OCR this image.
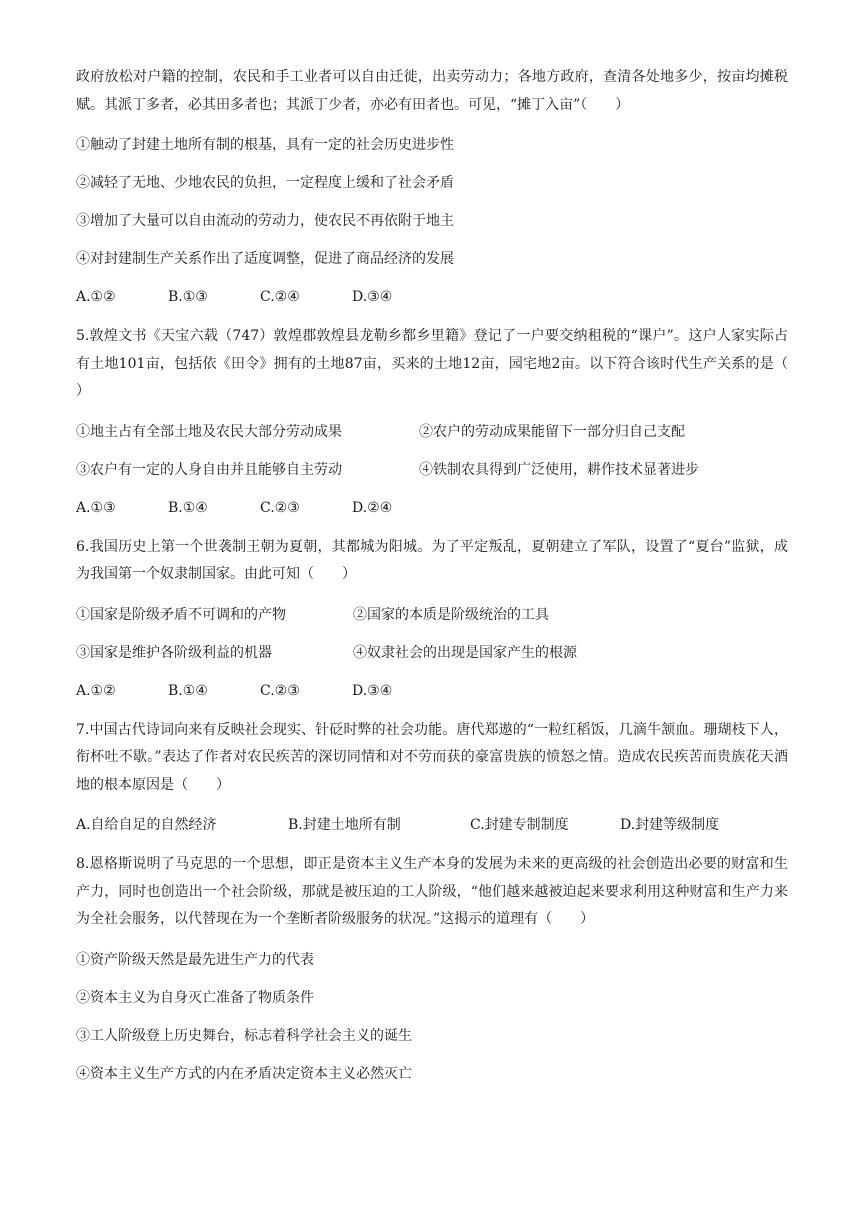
政府放松对户籍的控制，农民和手工业者可以自由迁徙，出卖劳动力；各地方政府，查清各处地多少，按亩均摊税赋。其派丁多者，必其田多者也；其派丁少者，亦必有田者也。可见，“摊丁入亩”（　　）

①触动了封建土地所有制的根基，具有一定的社会历史进步性

②减轻了无地、少地农民的负担，一定程度上缓和了社会矛盾

③增加了大量可以自由流动的劳动力，使农民不再依附于地主

④对封建制生产关系作出了适度调整，促进了商品经济的发展

A.①②	B.①③	C.②④	D.③④

5.敦煌文书《天宝六载（747）敦煌郡敦煌县龙勒乡都乡里籍》登记了一户要交纳租税的“课户”。这户人家实际占有土地101亩，包括依《田令》拥有的土地87亩，买来的土地12亩，园宅地2亩。以下符合该时代生产关系的是（　　）

①地主占有全部土地及农民大部分劳动成果	②农户的劳动成果能留下一部分归自己支配
③农户有一定的人身自由并且能够自主劳动	④铁制农具得到广泛使用，耕作技术显著进步
A.①③	B.①④	C.②③	D.②④

6.我国历史上第一个世袭制王朝为夏朝，其都城为阳城。为了平定叛乱，夏朝建立了军队，设置了“夏台”监狱，成为我国第一个奴隶制国家。由此可知（　　）

①国家是阶级矛盾不可调和的产物	②国家的本质是阶级统治的工具
③国家是维护各阶级利益的机器	④奴隶社会的出现是国家产生的根源
A.①②	B.①④	C.②③	D.③④

7.中国古代诗词向来有反映社会现实、针砭时弊的社会功能。唐代郑遨的“一粒红稻饭，几滴牛颔血。珊瑚枝下人，衔杯吐不歇。”表达了作者对农民疾苦的深切同情和对不劳而获的豪富贵族的愤怒之情。造成农民疾苦而贵族花天酒地的根本原因是（　　）

A.自给自足的自然经济	B.封建土地所有制	C.封建专制制度	D.封建等级制度

8.恩格斯说明了马克思的一个思想，即正是资本主义生产本身的发展为未来的更高级的社会创造出必要的财富和生产力，同时也创造出一个社会阶级，那就是被压迫的工人阶级，“他们越来越被迫起来要求利用这种财富和生产力来为全社会服务，以代替现在为一个垄断者阶级服务的状况。”这揭示的道理有（　　）

①资产阶级天然是最先进生产力的代表

②资本主义为自身灭亡准备了物质条件

③工人阶级登上历史舞台，标志着科学社会主义的诞生

④资本主义生产方式的内在矛盾决定资本主义必然灭亡
